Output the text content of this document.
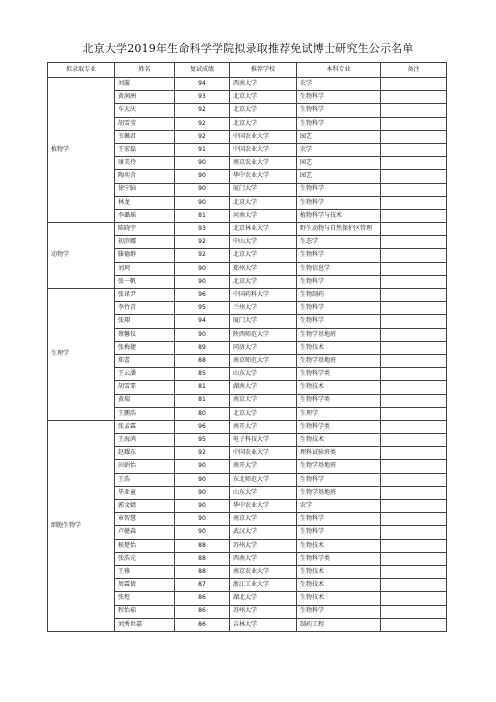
北京大学2019年生命科学学院拟录取推荐免试博士研究生公示名单
拟录取专业	姓名	复试成绩	推荐学校	本科专业	备注
植物学	刘璇	94	西南大学	农学	
	黄润洲	93	北京大学	生物科学	
	车大庆	92	北京大学	生物科学	
	胡雪莹	92	北京大学	生物科学	
	韦佩君	92	中国农业大学	园艺	
	王宏磊	91	中国农业大学	农学	
	康美玲	90	南京农业大学	园艺	
	陶奕含	90	华中农业大学	园艺	
	徐宁脑	90	厦门大学	生物科学	
	林龙	90	北京大学	生物科学	
	李璐瑶	81	河南大学	植物科学与技术	
动物学	陈晓宇	93	北京林业大学	野生动物与自然保护区管理	
	初滨娜	92	中山大学	生态学	
	滕德群	92	北京大学	生物科学	
	刘珂	90	郑州大学	生物信息学	
	张一帆	90	北京大学	生物科学	
生理学	张译尹	96	中国药科大学	生物制药	
	李竹青	95	兰州大学	生物科学	
	张翔	94	厦门大学	生物科学	
	蔡馨仪	90	陕西师范大学	生物学基地班	
	张梅捷	89	同济大学	生物技术	
	郑蕾	88	南京师范大学	生物学基地班	
	王云潘	85	山东大学	生物科学类	
	胡雪霏	81	湖南大学	生物技术	
	黄瑞	81	南京大学	生物科学类	
	王鹏浩	80	北京大学	生理学	
细胞生物学	张孟霖	96	南开大学	生物科学类	
	王海鸿	95	电子科技大学	生物技术	
	赵耀东	92	中国农业大学	理科试验班类	
	田娟怡	90	南开大学	生物学基地班	
	王浩	90	东北师范大学	生物科学	
	毕亚童	90	山东大学	生物学基地班	
	郭文婧	90	华中农业大学	农学	
	章智慧	90	南京大学	生物科学	
	卢健森	90	武汉大学	生物科学	
	候楚怡	88	苏州大学	生物技术	
	张浩元	88	西南大学	生物科学类	
	王雅	88	南京农业大学	生物技术	
	周霖倩	87	浙江工业大学	生物技术	
	张煜	86	湖北大学	生物技术	
	程怡茹	86	苏州大学	生物科学	
	刘秀世嘉	86	吉林大学	制药工程	
